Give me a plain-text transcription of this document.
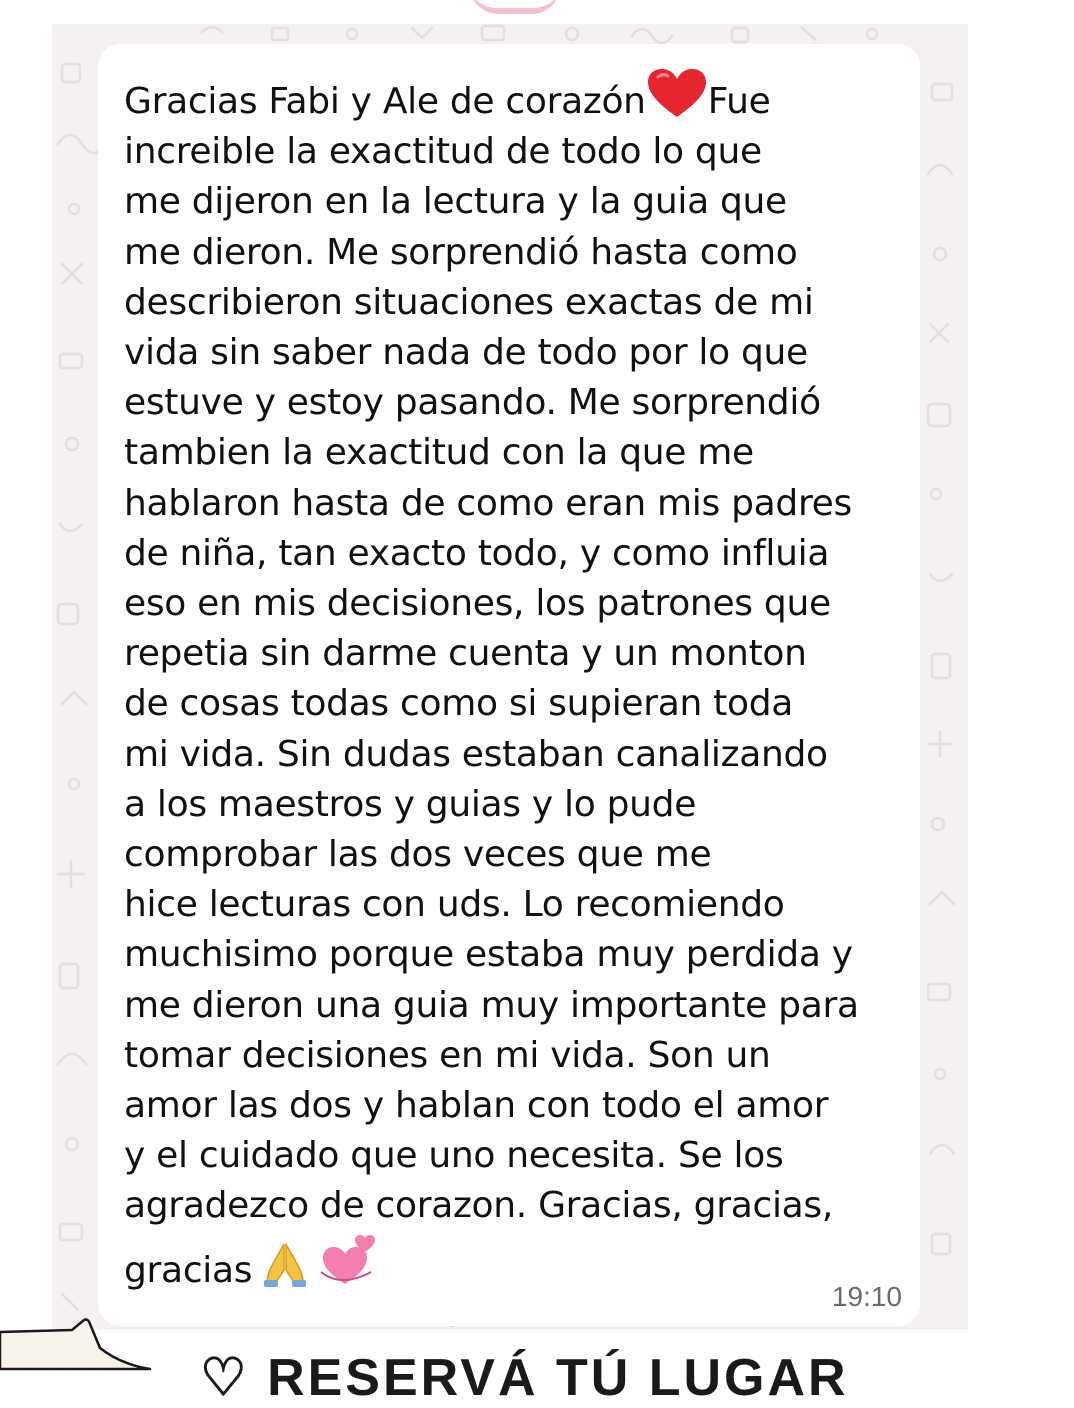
Gracias Fabi y Ale de corazón Fue
increible la exactitud de todo lo que
me dijeron en la lectura y la guia que
me dieron. Me sorprendió hasta como
describieron situaciones exactas de mi
vida sin saber nada de todo por lo que
estuve y estoy pasando. Me sorprendió
tambien la exactitud con la que me
hablaron hasta de como eran mis padres
de niña, tan exacto todo, y como influia
eso en mis decisiones, los patrones que
repetia sin darme cuenta y un monton
de cosas todas como si supieran toda
mi vida. Sin dudas estaban canalizando
a los maestros y guias y lo pude
comprobar las dos veces que me
hice lecturas con uds. Lo recomiendo
muchisimo porque estaba muy perdida y
me dieron una guia muy importante para
tomar decisiones en mi vida. Son un
amor las dos y hablan con todo el amor
y el cuidado que uno necesita. Se los
agradezco de corazon. Gracias, gracias,
gracias

19:10

♡ RESERVÁ TÚ LUGAR
